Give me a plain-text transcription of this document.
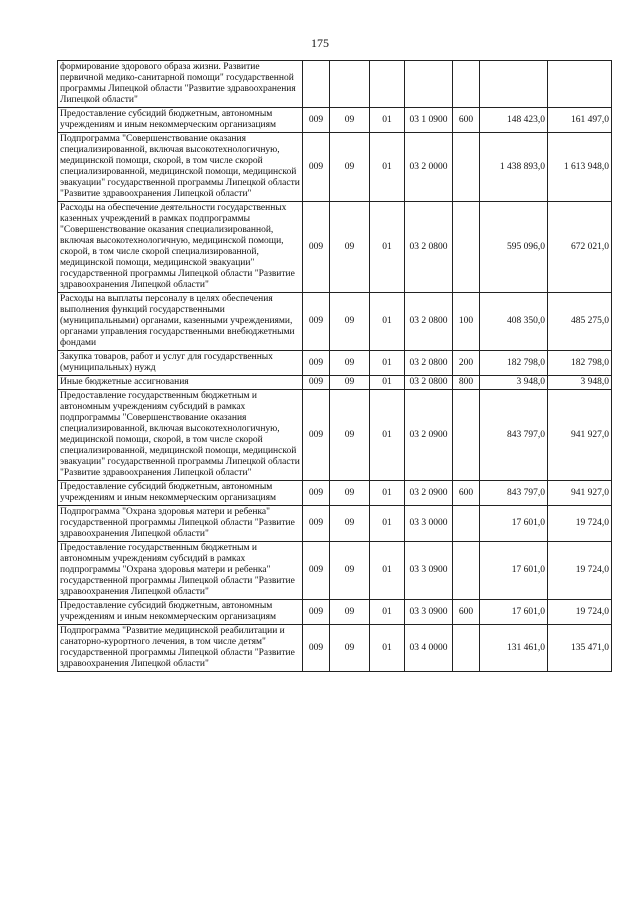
175
формирование здорового образа жизни. Развитие первичной медико-санитарной помощи" государственной программы Липецкой области "Развитие здравоохранения Липецкой области"							
Предоставление субсидий бюджетным, автономным учреждениям и иным некоммерческим организациям	009	09	01	03 1 0900	600	148 423,0	161 497,0
Подпрограмма "Совершенствование оказания специализированной, включая высокотехнологичную, медицинской помощи, скорой, в том числе скорой специализированной, медицинской помощи, медицинской эвакуации" государственной программы Липецкой области "Развитие здравоохранения Липецкой области"	009	09	01	03 2 0000		1 438 893,0	1 613 948,0
Расходы на обеспечение деятельности государственных казенных учреждений в рамках подпрограммы "Совершенствование оказания специализированной, включая высокотехнологичную, медицинской помощи, скорой, в том числе скорой специализированной, медицинской помощи, медицинской эвакуации" государственной программы Липецкой области "Развитие здравоохранения Липецкой области"	009	09	01	03 2 0800		595 096,0	672 021,0
Расходы на выплаты персоналу в целях обеспечения выполнения функций государственными (муниципальными) органами, казенными учреждениями, органами управления государственными внебюджетными фондами	009	09	01	03 2 0800	100	408 350,0	485 275,0
Закупка товаров, работ и услуг для государственных (муниципальных) нужд	009	09	01	03 2 0800	200	182 798,0	182 798,0
Иные бюджетные ассигнования	009	09	01	03 2 0800	800	3 948,0	3 948,0
Предоставление государственным бюджетным и автономным учреждениям субсидий в рамках подпрограммы "Совершенствование оказания специализированной, включая высокотехнологичную, медицинской помощи, скорой, в том числе скорой специализированной, медицинской помощи, медицинской эвакуации" государственной программы Липецкой области "Развитие здравоохранения Липецкой области"	009	09	01	03 2 0900		843 797,0	941 927,0
Предоставление субсидий бюджетным, автономным учреждениям и иным некоммерческим организациям	009	09	01	03 2 0900	600	843 797,0	941 927,0
Подпрограмма "Охрана здоровья матери и ребенка" государственной программы Липецкой области "Развитие здравоохранения Липецкой области"	009	09	01	03 3 0000		17 601,0	19 724,0
Предоставление государственным бюджетным и автономным учреждениям субсидий в рамках подпрограммы "Охрана здоровья матери и ребенка" государственной программы Липецкой области "Развитие здравоохранения Липецкой области"	009	09	01	03 3 0900		17 601,0	19 724,0
Предоставление субсидий бюджетным, автономным учреждениям и иным некоммерческим организациям	009	09	01	03 3 0900	600	17 601,0	19 724,0
Подпрограмма "Развитие медицинской реабилитации и санаторно-курортного лечения, в том числе детям" государственной программы Липецкой области "Развитие здравоохранения Липецкой области"	009	09	01	03 4 0000		131 461,0	135 471,0
